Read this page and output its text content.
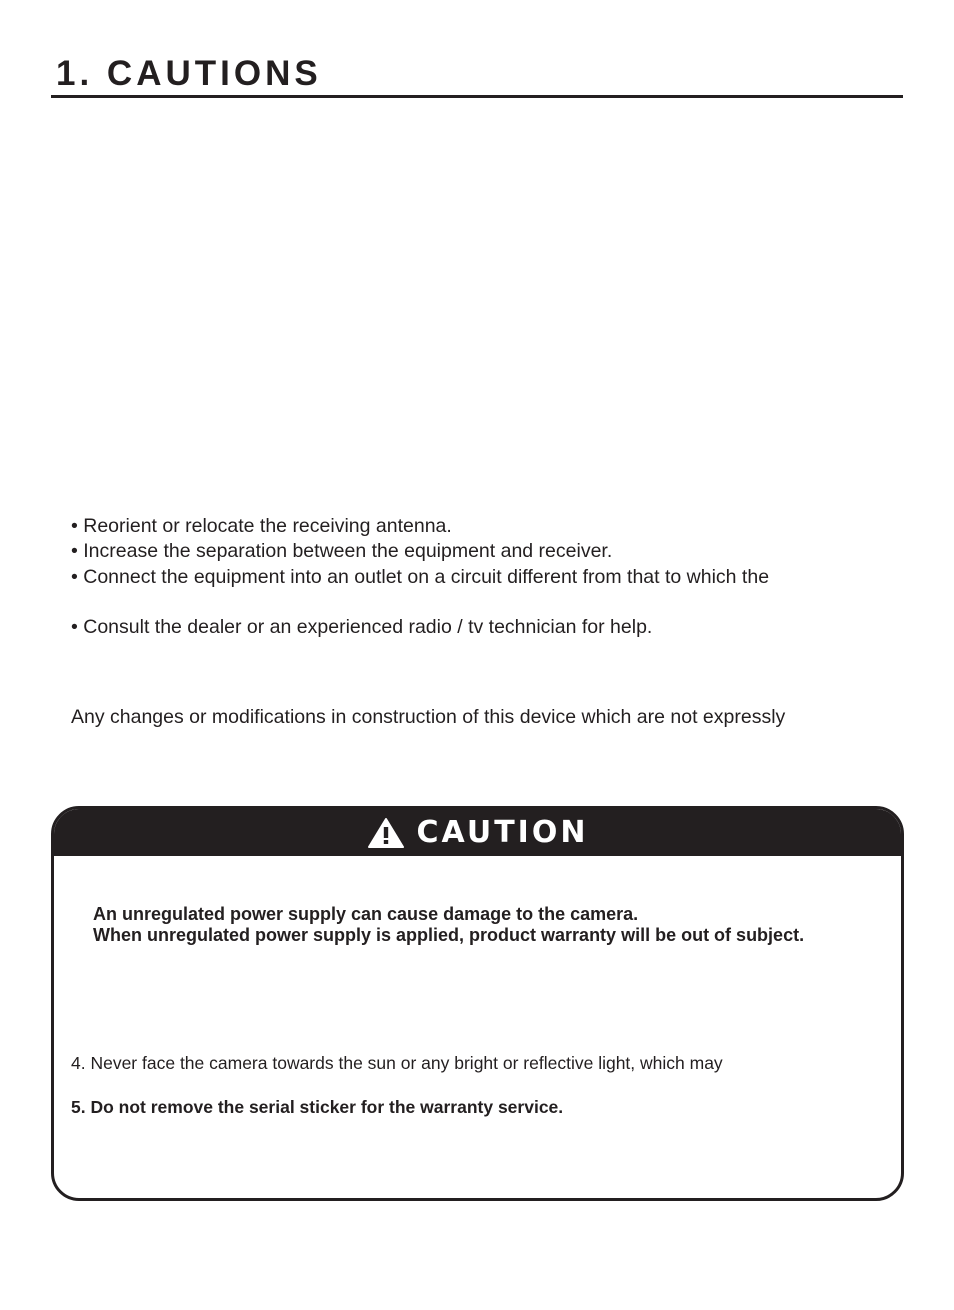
1. CAUTIONS

• Reorient or relocate the receiving antenna.

• Increase the separation between the equipment and receiver.

• Connect the equipment into an outlet on a circuit different from that to which the

• Consult the dealer or an experienced radio / tv technician for help.

Any changes or modifications in construction of this device which are not expressly

CAUTION

An unregulated power supply can cause damage to the camera.

When unregulated power supply is applied, product warranty will be out of subject.

4. Never face the camera towards the sun or any bright or reflective light, which may

5. Do not remove the serial sticker for the warranty service.
